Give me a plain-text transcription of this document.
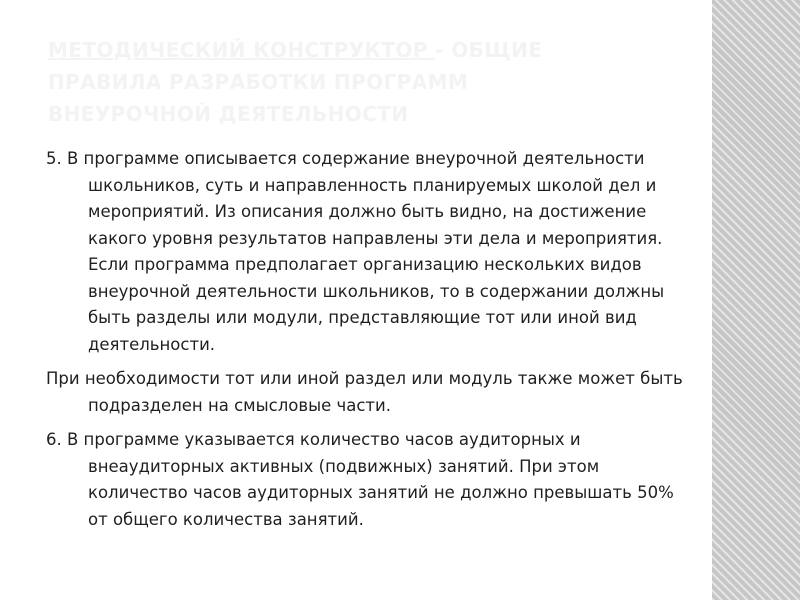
МЕТОДИЧЕСКИЙ КОНСТРУКТОР - ОБЩИЕ ПРАВИЛА РАЗРАБОТКИ ПРОГРАММ ВНЕУРОЧНОЙ ДЕЯТЕЛЬНОСТИ

5. В программе описывается содержание внеурочной деятельности школьников, суть и направленность планируемых школой дел и мероприятий. Из описания должно быть видно, на достижение какого уровня результатов направлены эти дела и мероприятия. Если программа предполагает организацию нескольких видов внеурочной деятельности школьников, то в содержании должны быть разделы или модули, представляющие тот или иной вид деятельности.

При необходимости тот или иной раздел или модуль также может быть подразделен на смысловые части.

6. В программе указывается количество часов аудиторных и внеаудиторных активных (подвижных) занятий. При этом количество часов аудиторных занятий не должно превышать 50% от общего количества занятий.
